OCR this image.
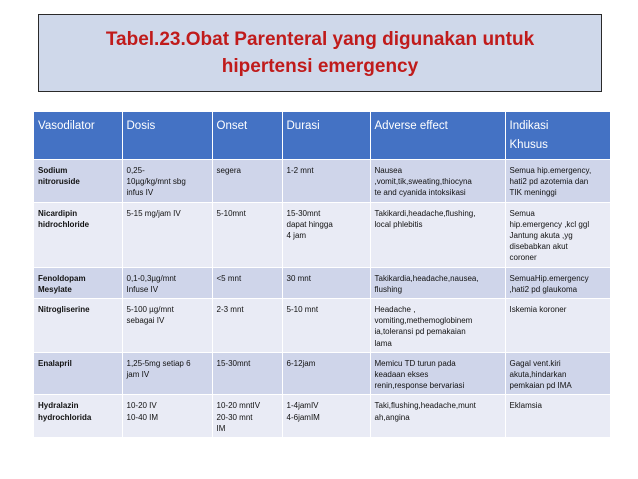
Tabel.23.Obat Parenteral yang digunakan untuk
hipertensi emergency
Vasodilator	Dosis	Onset	Durasi	Adverse effect	Indikasi
Khusus
Sodium
nitroruside	0,25-
10µg/kg/mnt sbg
infus IV	segera	1-2 mnt	Nausea
,vomit,tik,sweating,thiocyna
te and cyanida intoksikasi	Semua hip.emergency,
hati2 pd azotemia dan
TIK meninggi
Nicardipin
hidrochloride	5-15 mg/jam IV	5-10mnt	15-30mnt
dapat hingga
4 jam	Takikardi,headache,flushing,
local phlebitis	Semua
hip.emergency ,kcl ggl
Jantung akuta ,yg
disebabkan akut
coroner
Fenoldopam
Mesylate	0,1-0,3µg/mnt
Infuse IV	<5 mnt	30 mnt	Takikardia,headache,nausea,
flushing	SemuaHip.emergency
,hati2 pd glaukoma
Nitrogliserine	5-100 µg/mnt
sebagai IV	2-3 mnt	5-10 mnt	Headache ,
vomiting,methemoglobinem
ia,toleransi pd pemakaian
lama	Iskemia koroner
Enalapril	1,25-5mg setiap 6
jam IV	15-30mnt	6-12jam	Memicu TD turun pada
keadaan ekses
renin,response bervariasi	Gagal vent.kiri
akuta,hindarkan
pemkaian pd IMA
Hydralazin
hydrochlorida	10-20 IV
10-40 IM	10-20 mntIV
20-30 mnt
IM	1-4jamIV
4-6jamIM	Taki,flushing,headache,munt
ah,angina	Eklamsia
